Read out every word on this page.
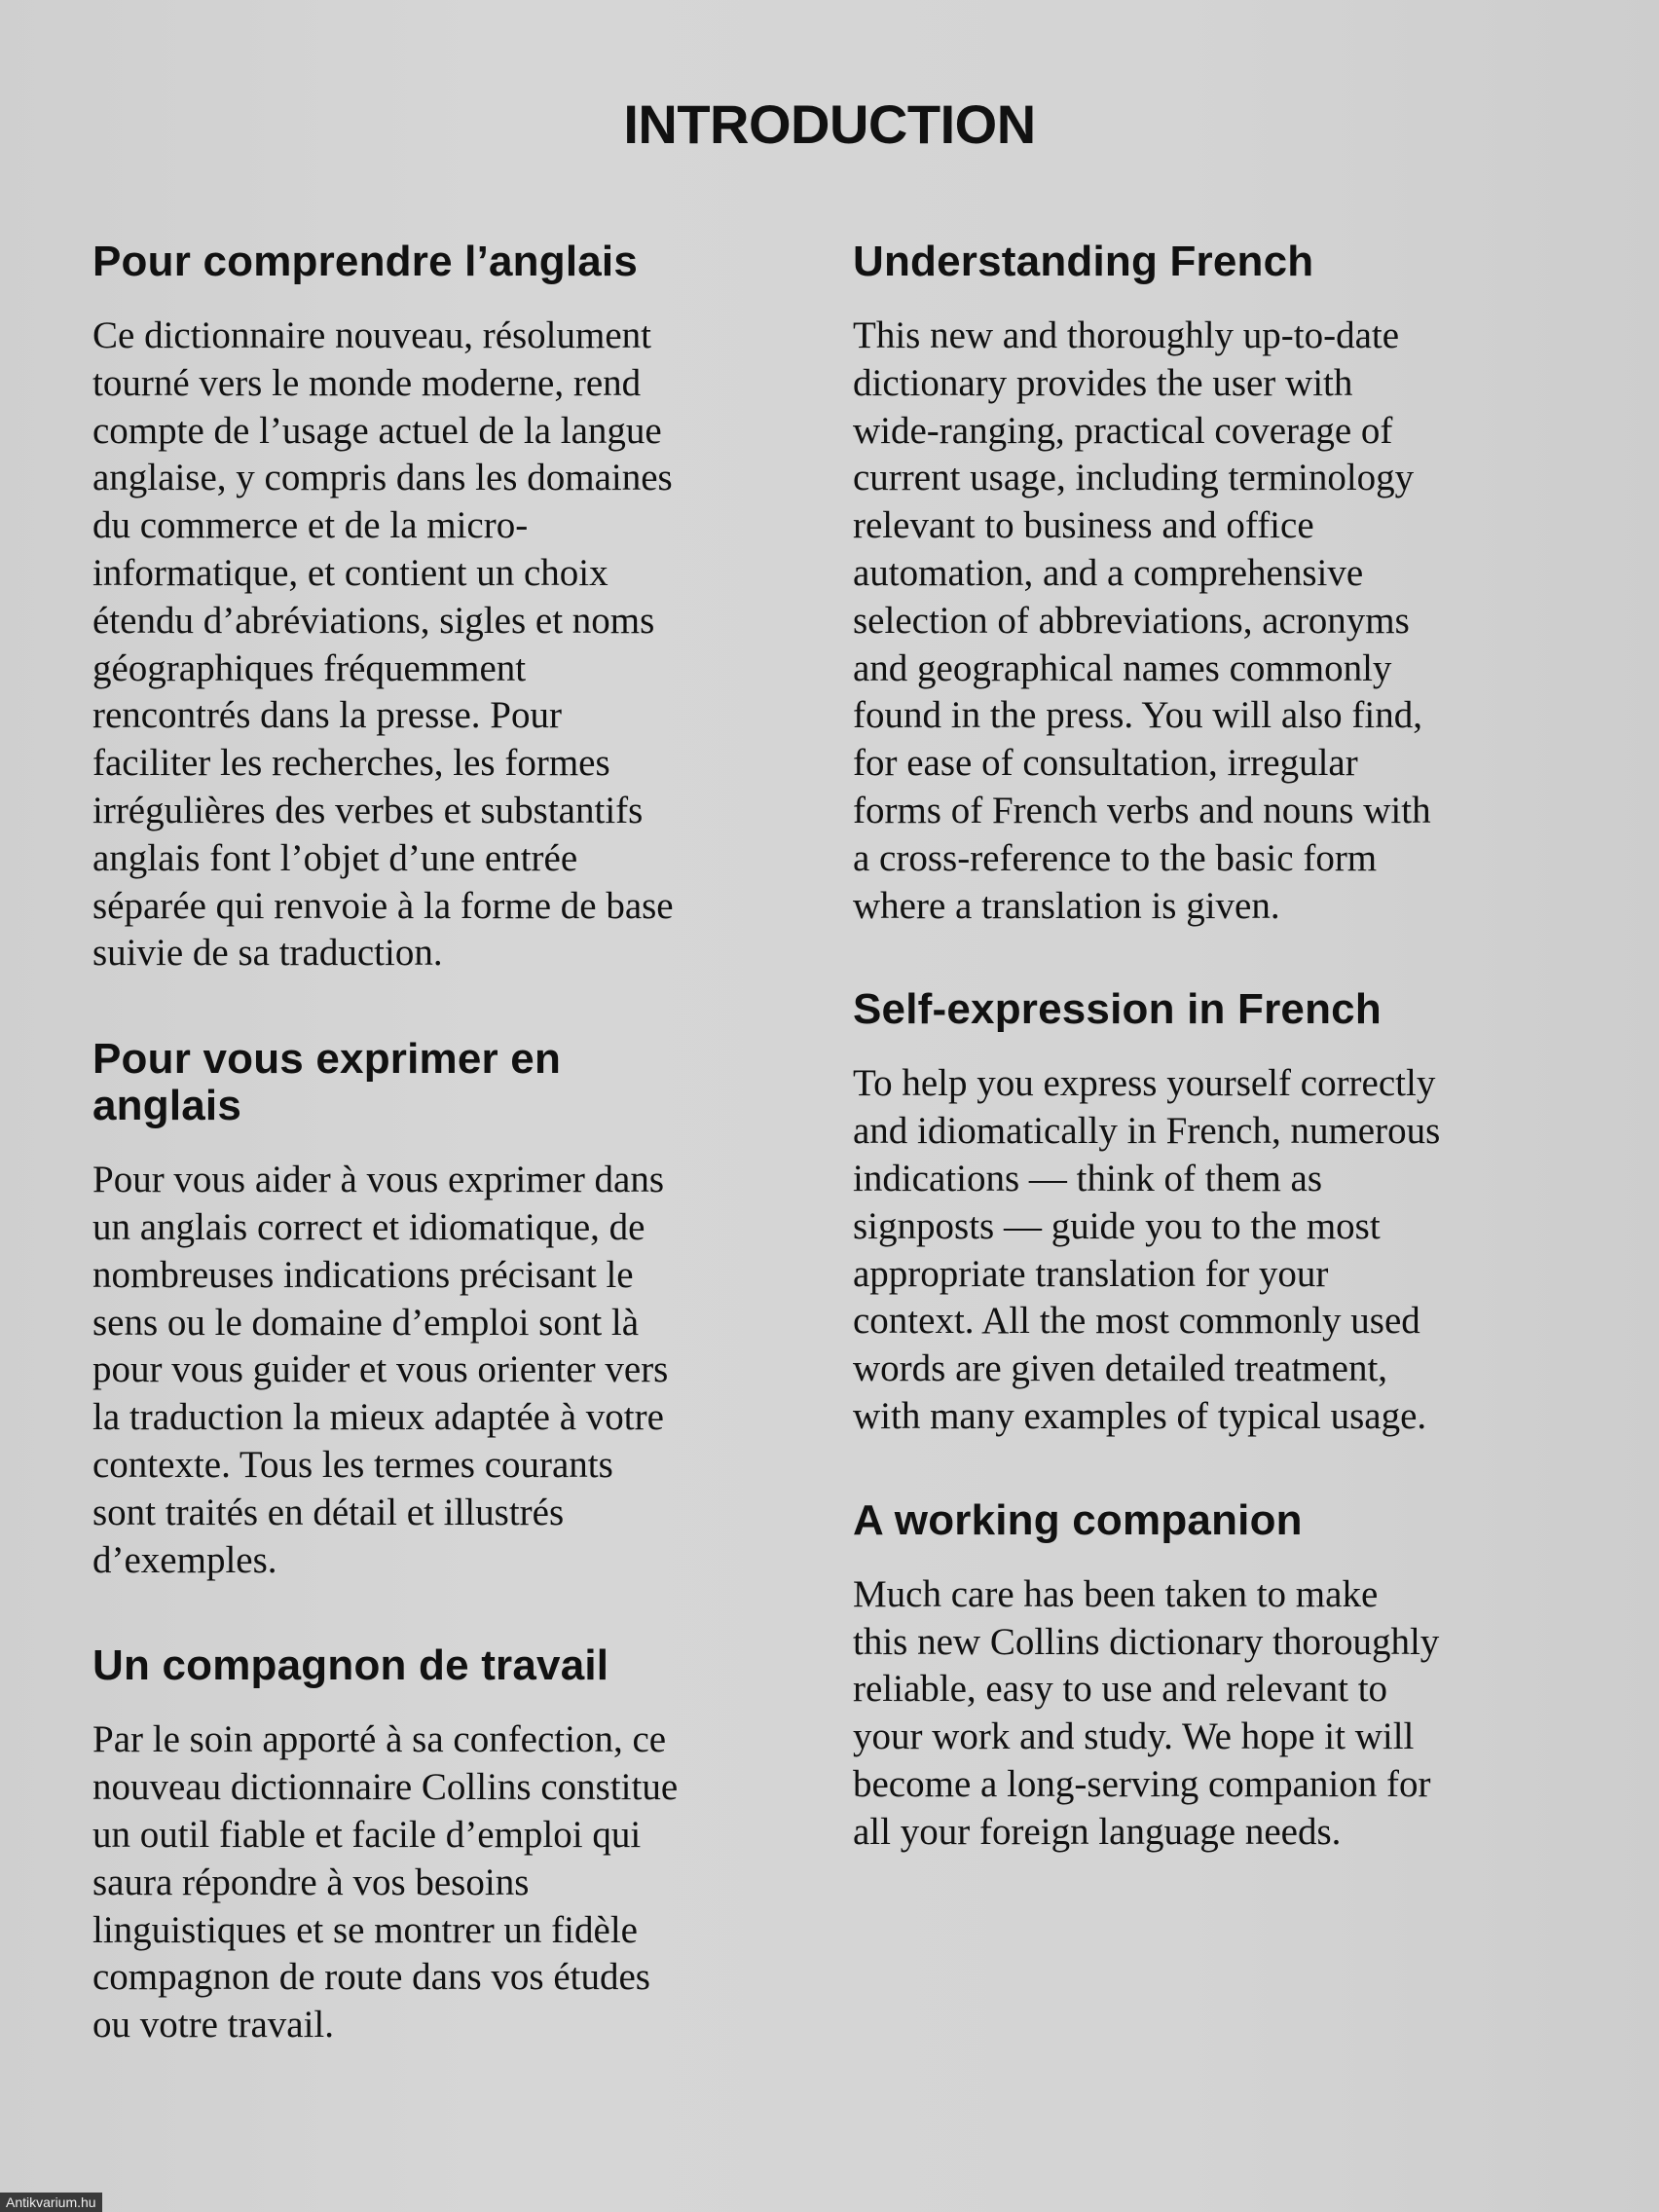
INTRODUCTION
Pour comprendre l’anglais

Ce dictionnaire nouveau, résolument
tourné vers le monde moderne, rend
compte de l’usage actuel de la langue
anglaise, y compris dans les domaines
du commerce et de la micro-
informatique, et contient un choix
étendu d’abréviations, sigles et noms
géographiques fréquemment
rencontrés dans la presse. Pour
faciliter les recherches, les formes
irrégulières des verbes et substantifs
anglais font l’objet d’une entrée
séparée qui renvoie à la forme de base
suivie de sa traduction.

Pour vous exprimer en
anglais

Pour vous aider à vous exprimer dans
un anglais correct et idiomatique, de
nombreuses indications précisant le
sens ou le domaine d’emploi sont là
pour vous guider et vous orienter vers
la traduction la mieux adaptée à votre
contexte. Tous les termes courants
sont traités en détail et illustrés
d’exemples.

Un compagnon de travail

Par le soin apporté à sa confection, ce
nouveau dictionnaire Collins constitue
un outil fiable et facile d’emploi qui
saura répondre à vos besoins
linguistiques et se montrer un fidèle
compagnon de route dans vos études
ou votre travail.

Understanding French

This new and thoroughly up-to-date
dictionary provides the user with
wide-ranging, practical coverage of
current usage, including terminology
relevant to business and office
automation, and a comprehensive
selection of abbreviations, acronyms
and geographical names commonly
found in the press. You will also find,
for ease of consultation, irregular
forms of French verbs and nouns with
a cross-reference to the basic form
where a translation is given.

Self-expression in French

To help you express yourself correctly
and idiomatically in French, numerous
indications — think of them as
signposts — guide you to the most
appropriate translation for your
context. All the most commonly used
words are given detailed treatment,
with many examples of typical usage.

A working companion

Much care has been taken to make
this new Collins dictionary thoroughly
reliable, easy to use and relevant to
your work and study. We hope it will
become a long-serving companion for
all your foreign language needs.

Antikvarium.hu
